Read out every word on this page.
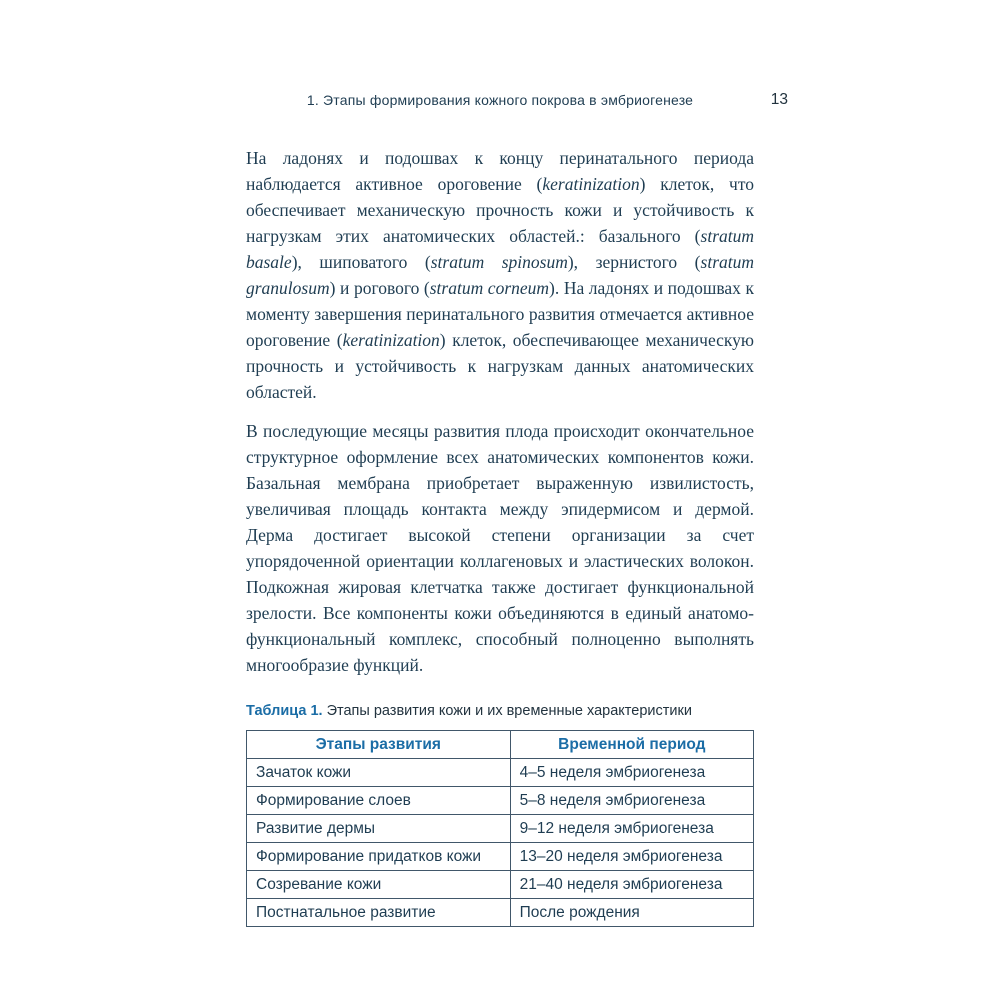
1. Этапы формирования кожного покрова в эмбриогенезе	13

На ладонях и подошвах к концу перинатального периода наблюдается активное ороговение (keratinization) клеток, что обеспечивает механическую прочность кожи и устойчивость к нагрузкам этих анатомических областей.: базального (stratum basale), шиповатого (stratum spinosum), зернистого (stratum granulosum) и рогового (stratum corneum). На ладонях и подошвах к моменту завершения перинатального развития отмечается активное ороговение (keratinization) клеток, обеспечивающее механическую прочность и устойчивость к нагрузкам данных анатомических областей.

В последующие месяцы развития плода происходит окончательное структурное оформление всех анатомических компонентов кожи. Базальная мембрана приобретает выраженную извилистость, увеличивая площадь контакта между эпидермисом и дермой. Дерма достигает высокой степени организации за счет упорядоченной ориентации коллагеновых и эластических волокон. Подкожная жировая клетчатка также достигает функциональной зрелости. Все компоненты кожи объединяются в единый анатомо-функциональный комплекс, способный полноценно выполнять многообразие функций.

Таблица 1. Этапы развития кожи и их временные характеристики
Этапы развития	Временной период
Зачаток кожи	4–5 неделя эмбриогенеза
Формирование слоев	5–8 неделя эмбриогенеза
Развитие дермы	9–12 неделя эмбриогенеза
Формирование придатков кожи	13–20 неделя эмбриогенеза
Созревание кожи	21–40 неделя эмбриогенеза
Постнатальное развитие	После рождения
